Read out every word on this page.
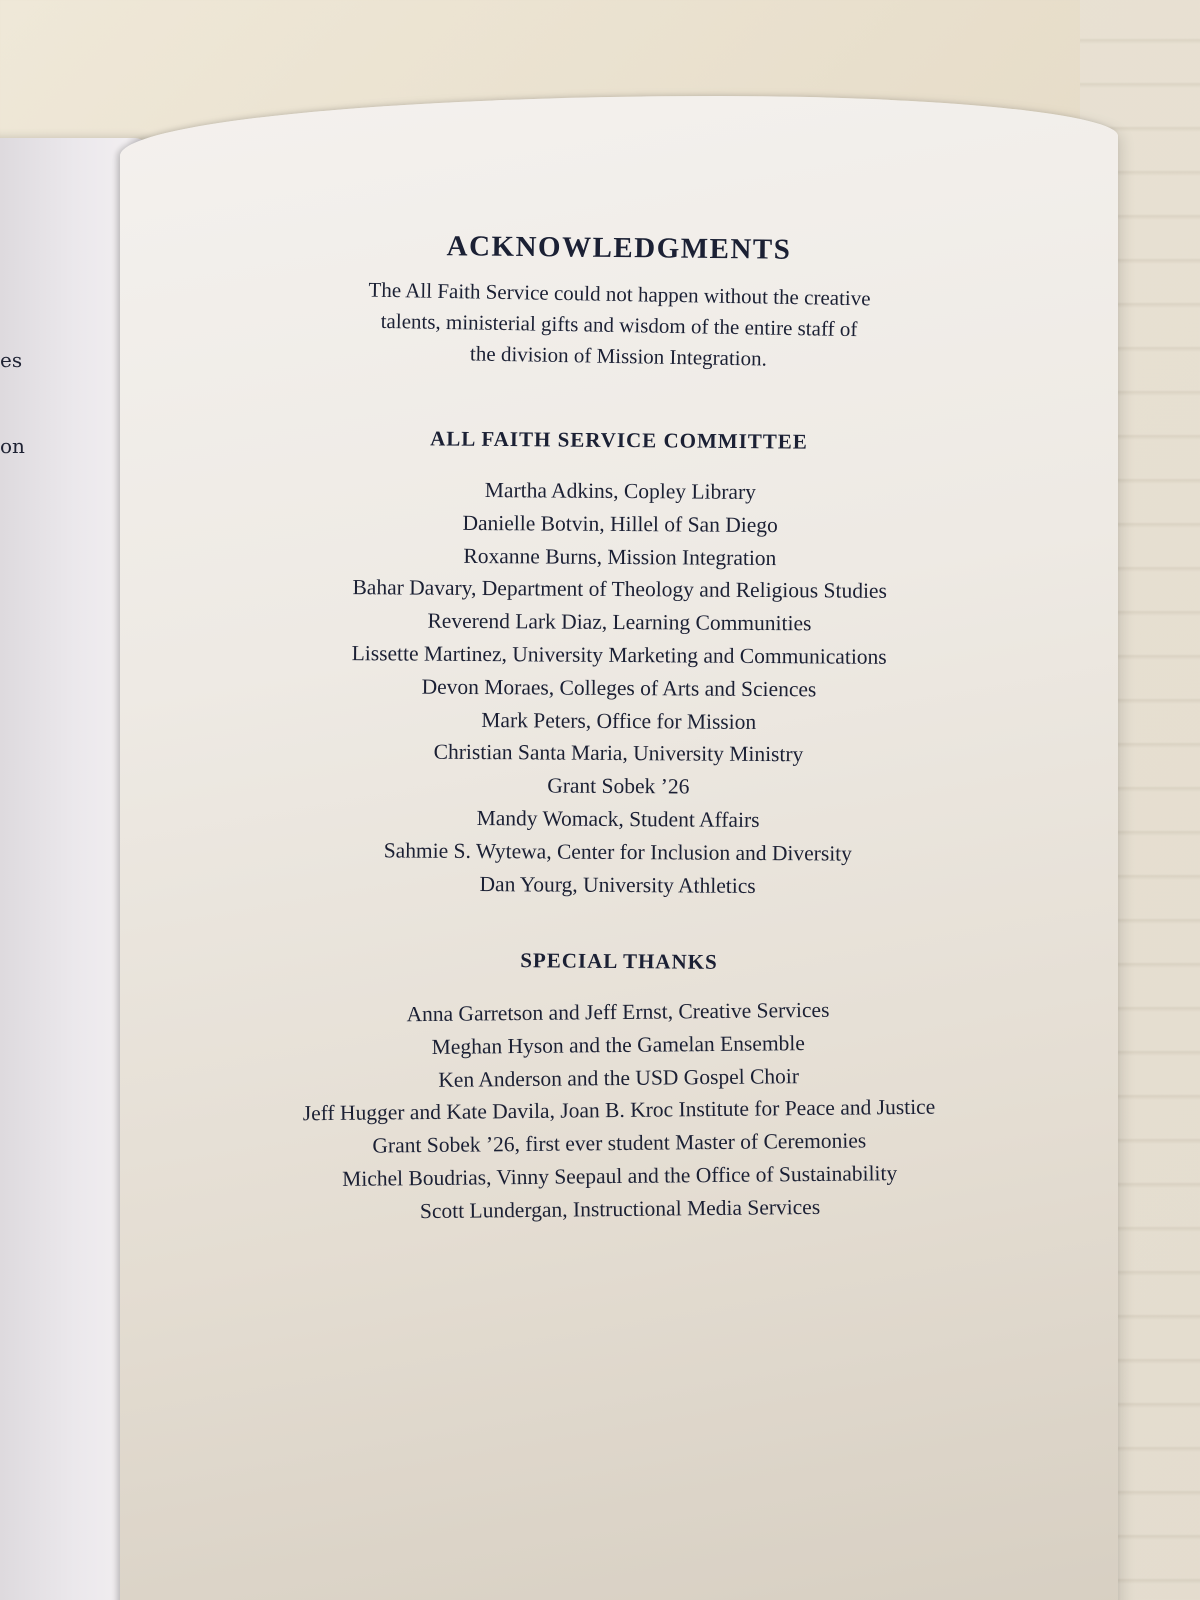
es
on
ACKNOWLEDGMENTS
The All Faith Service could not happen without the creative
talents, ministerial gifts and wisdom of the entire staff of
the division of Mission Integration.
ALL FAITH SERVICE COMMITTEE
Martha Adkins, Copley Library
Danielle Botvin, Hillel of San Diego
Roxanne Burns, Mission Integration
Bahar Davary, Department of Theology and Religious Studies
Reverend Lark Diaz, Learning Communities
Lissette Martinez, University Marketing and Communications
Devon Moraes, Colleges of Arts and Sciences
Mark Peters, Office for Mission
Christian Santa Maria, University Ministry
Grant Sobek ’26
Mandy Womack, Student Affairs
Sahmie S. Wytewa, Center for Inclusion and Diversity
Dan Yourg, University Athletics
SPECIAL THANKS
Anna Garretson and Jeff Ernst, Creative Services
Meghan Hyson and the Gamelan Ensemble
Ken Anderson and the USD Gospel Choir
Jeff Hugger and Kate Davila, Joan B. Kroc Institute for Peace and Justice
Grant Sobek ’26, first ever student Master of Ceremonies
Michel Boudrias, Vinny Seepaul and the Office of Sustainability
Scott Lundergan, Instructional Media Services
